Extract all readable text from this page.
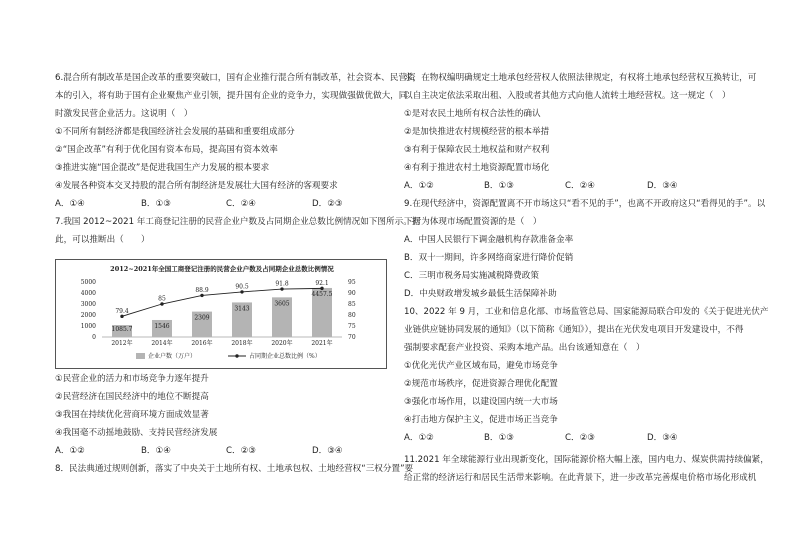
6.混合所有制改革是国企改革的重要突破口，国有企业推行混合所有制改革，社会资本、民营资
本的引入，将有助于国有企业聚焦产业引领，提升国有企业的竞争力，实现做强做优做大，同
时激发民营企业活力。这说明（　）
①不同所有制经济都是我国经济社会发展的基础和重要组成部分
②“国企改革”有利于优化国有资本布局，提高国有资本效率
③推进实施“国企混改”是促进我国生产力发展的根本要求
④发展各种资本交叉持股的混合所有制经济是发展壮大国有经济的客观要求
A．①④	B．①③	C．②④	D．②③
7.我国 2012~2021 年工商登记注册的民营企业户数及占同期企业总数比例情况如下图所示。据
此，可以推断出（　　）
2012~2021年全国工商登记注册的民营企业户数及占同期企业总数比例情况
5000
4000
3000
2000
1000
0
95
90
85
80
75
70
1085.7	1546
2309
3143
3605
4457.5
79.4
85
88.9
90.5	91.8	92.1
2012年	2014年	2016年	2018年	2020年	2021年
企业户数（万户）	占同期企业总数比例（%）
①民营企业的活力和市场竞争力逐年提升
②民营经济在国民经济中的地位不断提高
③我国在持续优化营商环境方面成效显著
④我国毫不动摇地鼓励、支持民营经济发展
A．①②	B．①④	C．②③	D．③④
8．民法典通过规则创新，落实了中央关于土地所有权、土地承包权、土地经营权“三权分置”要
求，在物权编明确规定土地承包经营权人依照法律规定，有权将土地承包经营权互换转让，可
以自主决定依法采取出租、入股或者其他方式向他人流转土地经营权。这一规定（　）
①是对农民土地所有权合法性的确认
②是加快推进农村规模经营的根本举措
③有利于保障农民土地权益和财产权利
④有利于推进农村土地资源配置市场化
A．①②	B．①③	C．②④	D．③④
9.在现代经济中，资源配置离不开市场这只“看不见的手”，也离不开政府这只“看得见的手”。以
下行为体现市场配置资源的是（　）
A．中国人民银行下调金融机构存款准备金率
B．双十一期间，许多网络商家进行降价促销
C．三明市税务局实施减税降费政策
D．中央财政增发城乡最低生活保障补助
10、2022 年 9 月，工业和信息化部、市场监管总局、国家能源局联合印发的《关于促进光伏产
业链供应链协同发展的通知》（以下简称《通知》），提出在光伏发电项目开发建设中，不得
强制要求配套产业投资、采购本地产品。出台该通知意在（　）
①优化光伏产业区域布局，避免市场竞争
②规范市场秩序，促进资源合理优化配置
③强化市场作用，以建设国内统一大市场
④打击地方保护主义，促进市场正当竞争
A．①②	B．①③	C．②③	D．③④
11.2021 年全球能源行业出现新变化，国际能源价格大幅上涨，国内电力、煤炭供需持续偏紧，
给正常的经济运行和居民生活带来影响。在此背景下，进一步改革完善煤电价格市场化形成机
